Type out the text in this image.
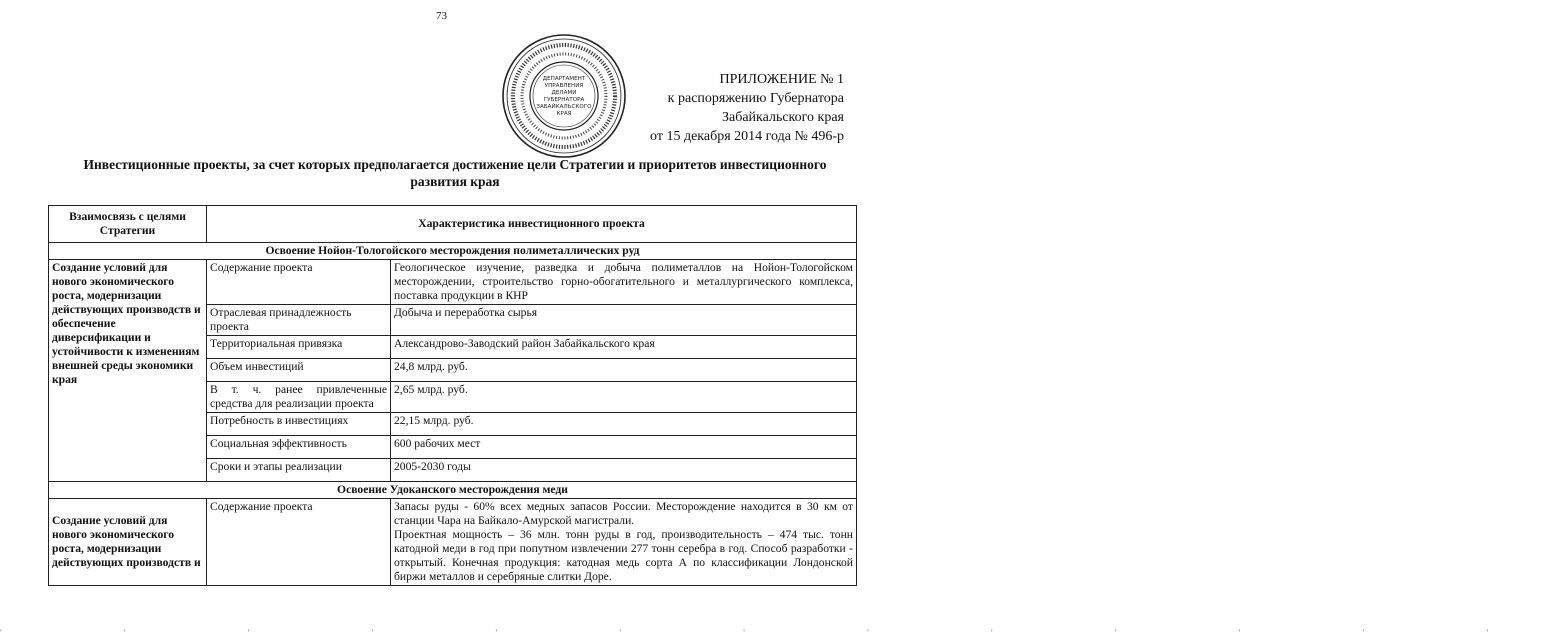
73
ДЕПАРТАМЕНТ
УПРАВЛЕНИЯ
ДЕЛАМИ
ГУБЕРНАТОРА
ЗАБАЙКАЛЬСКОГО
КРАЯ
ПРИЛОЖЕНИЕ № 1
к распоряжению Губернатора
Забайкальского края
от 15 декабря 2014 года № 496-р
Инвестиционные проекты, за счет которых предполагается достижение цели Стратегии и приоритетов инвестиционного развития края
Взаимосвязь с целями Стратегии	Характеристика инвестиционного проекта	
Освоение Нойон-Тологойского месторождения полиметаллических руд		
Создание условий для нового экономического роста, модернизации действующих производств и обеспечение диверсификации и устойчивости к изменениям внешней среды экономики края	Содержание проекта	Геологическое изучение, разведка и добыча полиметаллов на Нойон-Тологойском месторождении, строительство горно-обогатительного и металлургического комплекса, поставка продукции в КНР
	Отраслевая принадлежность проекта	Добыча и переработка сырья
	Территориальная привязка	Александрово-Заводский район Забайкальского края
	Объем инвестиций	24,8 млрд. руб.
	В т. ч. ранее привлеченные средства для реализации проекта	2,65 млрд. руб.
	Потребность в инвестициях	22,15 млрд. руб.
	Социальная эффективность	600 рабочих мест
	Сроки и этапы реализации	2005-2030 годы
Освоение Удоканского месторождения меди		
Создание условий для нового экономического роста, модернизации действующих производств и	Содержание проекта	Запасы руды - 60% всех медных запасов России. Месторождение находится в 30 км от станции Чара на Байкало-Амурской магистрали.
Проектная мощность – 36 млн. тонн руды в год, производительность – 474 тыс. тонн катодной меди в год при попутном извлечении 277 тонн серебра в год. Способ разработки - открытый. Конечная продукция: катодная медь сорта А по классификации Лондонской биржи металлов и серебряные слитки Доре.
' ' ' ' ' ' ' ' ' ' ' ' '
